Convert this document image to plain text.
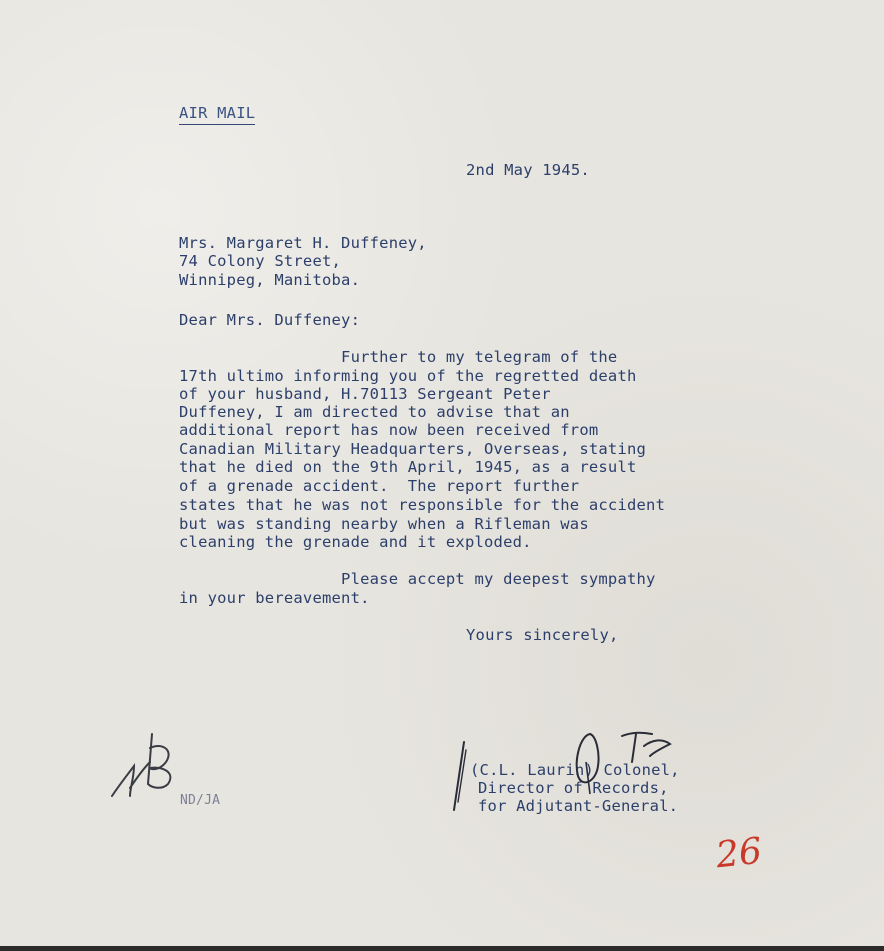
AIR MAIL
2nd May 1945.
Mrs. Margaret H. Duffeney,
74 Colony Street,
Winnipeg, Manitoba.
Dear Mrs. Duffeney:
Further to my telegram of the
17th ultimo informing you of the regretted death
of your husband, H.70113 Sergeant Peter
Duffeney, I am directed to advise that an
additional report has now been received from
Canadian Military Headquarters, Overseas, stating
that he died on the 9th April, 1945, as a result
of a grenade accident.  The report further
states that he was not responsible for the accident
but was standing nearby when a Rifleman was
cleaning the grenade and it exploded.
Please accept my deepest sympathy
in your bereavement.
Yours sincerely,
(C.L. Laurin) Colonel,
Director of Records,
for Adjutant-General.
ND/JA
26
